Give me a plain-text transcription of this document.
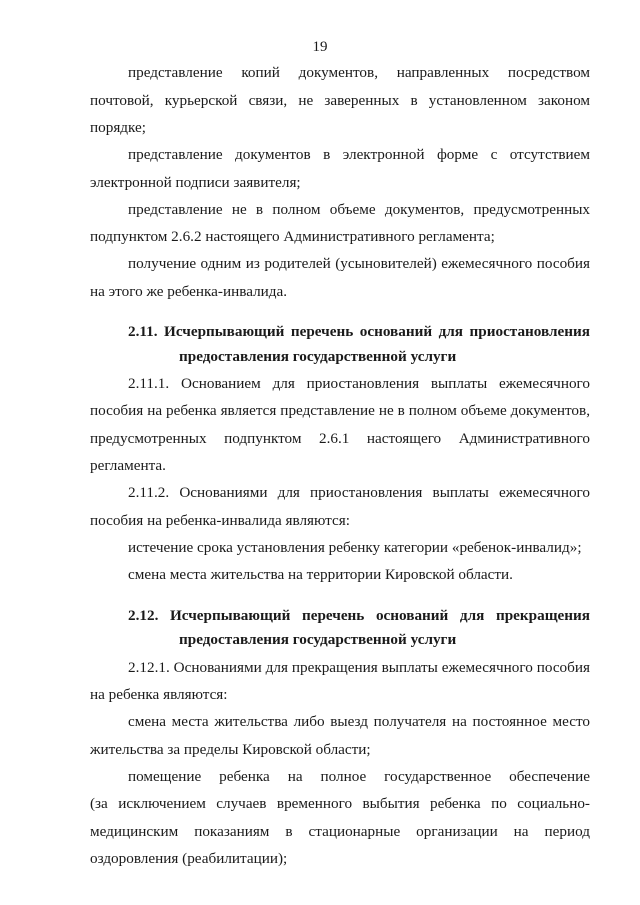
19
представление копий документов, направленных посредством
почтовой, курьерской связи, не заверенных в установленном законом
порядке;
представление документов в электронной форме с отсутствием
электронной подписи заявителя;
представление не в полном объеме документов, предусмотренных
подпунктом 2.6.2 настоящего Административного регламента;
получение одним из родителей (усыновителей) ежемесячного пособия
на этого же ребенка-инвалида.
2.11. Исчерпывающий перечень оснований для приостановления
предоставления государственной услуги
2.11.1. Основанием для приостановления выплаты ежемесячного
пособия на ребенка является представление не в полном объеме документов,
предусмотренных подпунктом 2.6.1 настоящего Административного
регламента.
2.11.2. Основаниями для приостановления выплаты ежемесячного
пособия на ребенка-инвалида являются:
истечение срока установления ребенку категории «ребенок-инвалид»;
смена места жительства на территории Кировской области.
2.12. Исчерпывающий перечень оснований для прекращения
предоставления государственной услуги
2.12.1. Основаниями для прекращения выплаты ежемесячного пособия
на ребенка являются:
смена места жительства либо выезд получателя на постоянное место
жительства за пределы Кировской области;
помещение ребенка на полное государственное обеспечение
(за исключением случаев временного выбытия ребенка по социально-
медицинским показаниям в стационарные организации на период
оздоровления (реабилитации);
